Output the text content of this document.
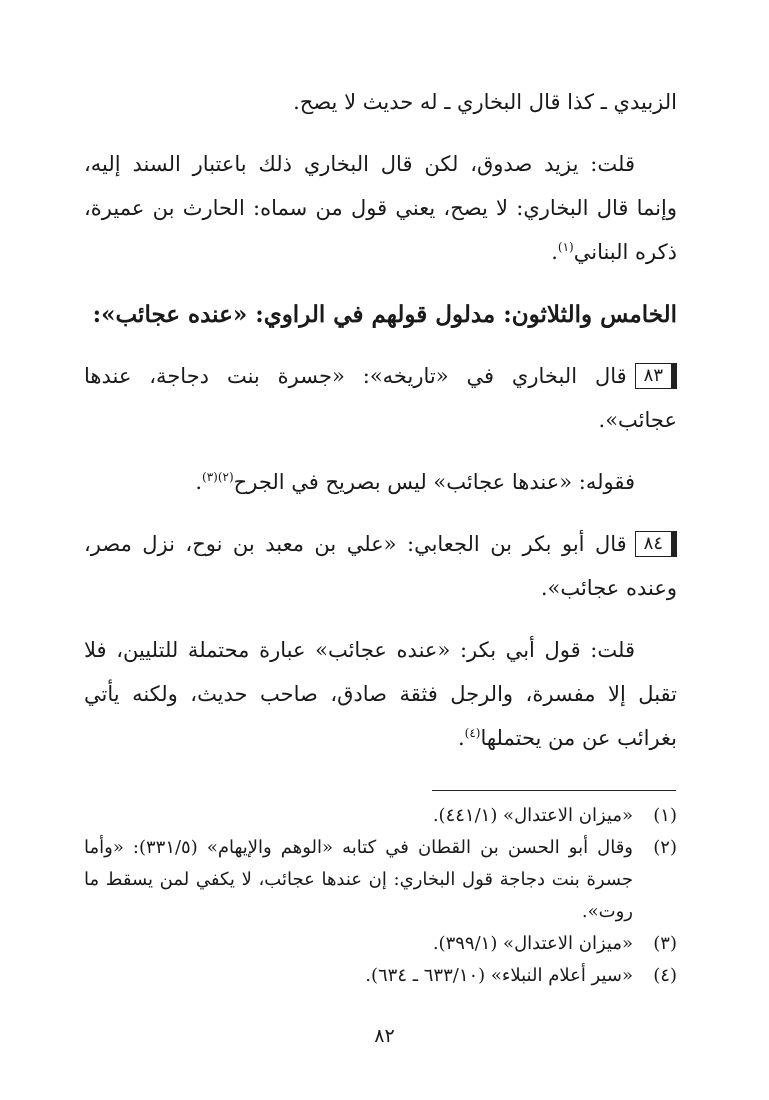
الزبيدي ـ كذا قال البخاري ـ له حديث لا يصح.

قلت: يزيد صدوق، لكن قال البخاري ذلك باعتبار السند إليه، وإنما قال البخاري: لا يصح، يعني قول من سماه: الحارث بن عميرة، ذكره البناني$^{(١)}$.

الخامس والثلاثون: مدلول قولهم في الراوي: «عنده عجائب»:

٨٣قال البخاري في «تاريخه»: «جسرة بنت دجاجة، عندها عجائب».

فقوله: «عندها عجائب» ليس بصريح في الجرح$^{(٢)(٣)}$.

٨٤قال أبو بكر بن الجعابي: «علي بن معبد بن نوح، نزل مصر، وعنده عجائب».

قلت: قول أبي بكر: «عنده عجائب» عبارة محتملة للتليين، فلا تقبل إلا مفسرة، والرجل فثقة صادق، صاحب حديث، ولكنه يأتي بغرائب عن من يحتملها$^{(٤)}$.

(١)
«ميزان الاعتدال» (٤٤١/١).
(٢)
وقال أبو الحسن بن القطان في كتابه «الوهم والإيهام» (٣٣١/٥): «وأما جسرة بنت دجاجة قول البخاري: إن عندها عجائب، لا يكفي لمن يسقط ما روت».
(٣)
«ميزان الاعتدال» (٣٩٩/١).
(٤)
«سير أعلام النبلاء» (٦٣٣/١٠ ـ ٦٣٤).
٨٢
